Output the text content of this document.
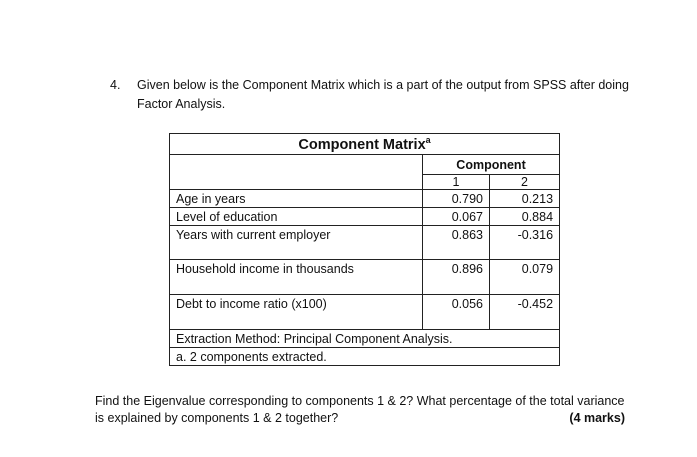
4. Given below is the Component Matrix which is a part of the output from SPSS after doing Factor Analysis.
Component Matrix$^a$
	Component	
	1	2
Age in years	0.790	0.213
Level of education	0.067	0.884
Years with current employer	0.863	-0.316

Household income in thousands	0.896	0.079

Debt to income ratio (x100)	0.056	-0.452

Extraction Method: Principal Component Analysis.		
a. 2 components extracted.		
Find the Eigenvalue corresponding to components 1 & 2? What percentage of the total variance is explained by components 1 & 2 together?	(4 marks)
